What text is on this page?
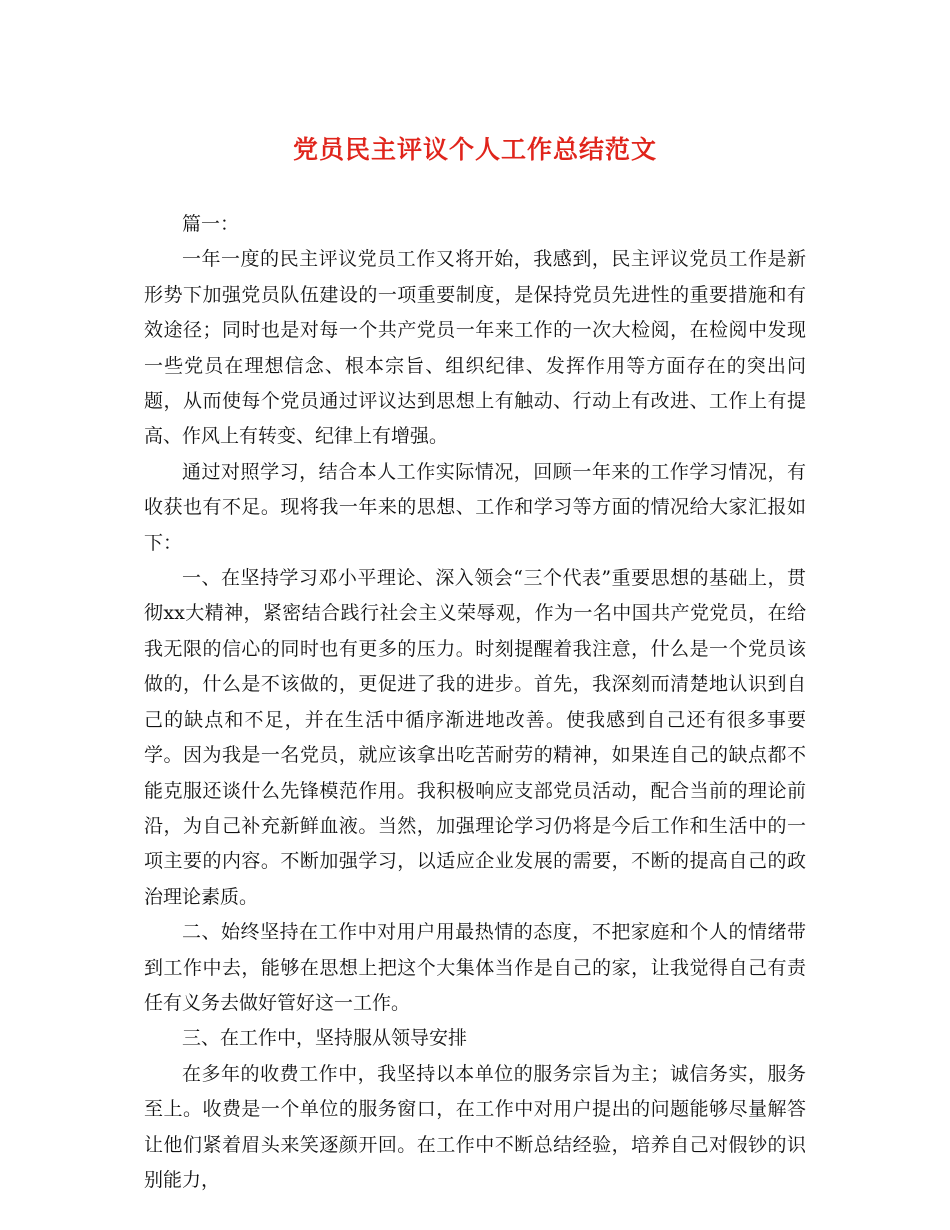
党员民主评议个人工作总结范文

篇一：

一年一度的民主评议党员工作又将开始，我感到，民主评议党员工作是新形势下加强党员队伍建设的一项重要制度，是保持党员先进性的重要措施和有效途径；同时也是对每一个共产党员一年来工作的一次大检阅，在检阅中发现一些党员在理想信念、根本宗旨、组织纪律、发挥作用等方面存在的突出问题，从而使每个党员通过评议达到思想上有触动、行动上有改进、工作上有提高、作风上有转变、纪律上有增强。

通过对照学习，结合本人工作实际情况，回顾一年来的工作学习情况，有收获也有不足。现将我一年来的思想、工作和学习等方面的情况给大家汇报如下：

一、在坚持学习邓小平理论、深入领会“三个代表”重要思想的基础上，贯彻xx大精神，紧密结合践行社会主义荣辱观，作为一名中国共产党党员，在给我无限的信心的同时也有更多的压力。时刻提醒着我注意，什么是一个党员该做的，什么是不该做的，更促进了我的进步。首先，我深刻而清楚地认识到自己的缺点和不足，并在生活中循序渐进地改善。使我感到自己还有很多事要学。因为我是一名党员，就应该拿出吃苦耐劳的精神，如果连自己的缺点都不能克服还谈什么先锋模范作用。我积极响应支部党员活动，配合当前的理论前沿，为自己补充新鲜血液。当然，加强理论学习仍将是今后工作和生活中的一项主要的内容。不断加强学习，以适应企业发展的需要，不断的提高自己的政治理论素质。

二、始终坚持在工作中对用户用最热情的态度，不把家庭和个人的情绪带到工作中去，能够在思想上把这个大集体当作是自己的家，让我觉得自己有责任有义务去做好管好这一工作。

三、在工作中，坚持服从领导安排

在多年的收费工作中，我坚持以本单位的服务宗旨为主；诚信务实，服务至上。收费是一个单位的服务窗口，在工作中对用户提出的问题能够尽量解答让他们紧着眉头来笑逐颜开回。在工作中不断总结经验，培养自己对假钞的识别能力，
